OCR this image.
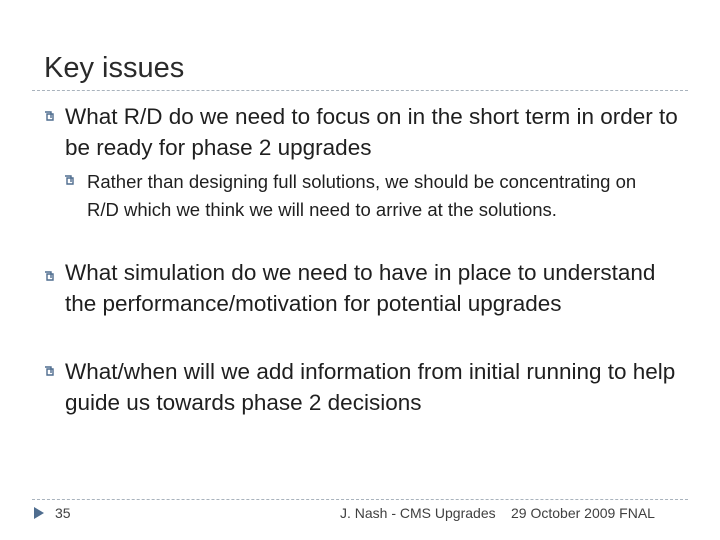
Key issues
What R/D do we need to focus on in the short term in order to be ready for phase 2 upgrades
Rather than designing full solutions, we should be concentrating on R/D which we think we will need to arrive at the solutions.
What simulation do we need to have in place to understand the performance/motivation for potential upgrades
What/when will we add information from initial running to help guide us towards phase 2 decisions
35	J. Nash - CMS Upgrades 29 October 2009 FNAL
